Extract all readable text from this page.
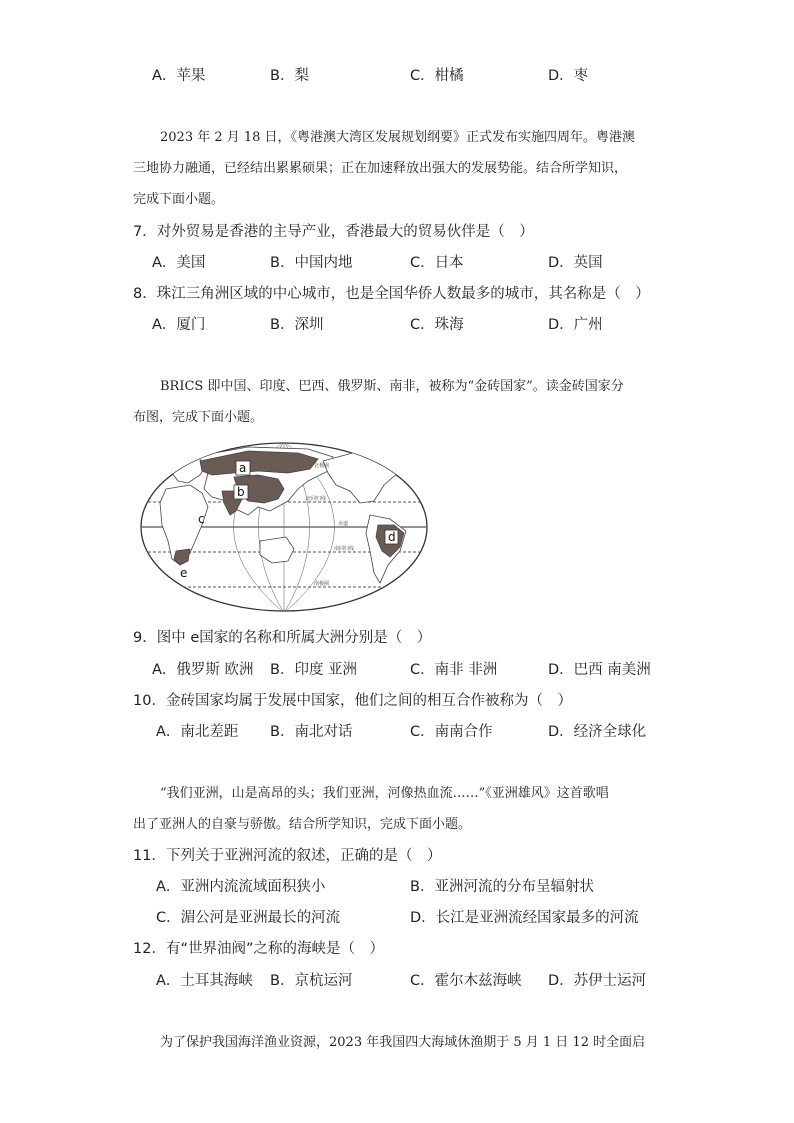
A．苹果	B．梨	C．柑橘	D．枣
2023 年 2 月 18 日，《粤港澳大湾区发展规划纲要》正式发布实施四周年。粤港澳
三地协力融通，已经结出累累硕果；正在加速释放出强大的发展势能。结合所学知识，
完成下面小题。
7．对外贸易是香港的主导产业，香港最大的贸易伙伴是（　）
A．美国	B．中国内地	C．日本	D．英国
8．珠江三角洲区域的中心城市，也是全国华侨人数最多的城市，其名称是（　）
A．厦门	B．深圳	C．珠海	D．广州
BRICS 即中国、印度、巴西、俄罗斯、南非，被称为“金砖国家”。读金砖国家分
布图，完成下面小题。
a
b
c
d
e
北极圈
北回归线
赤道
南回归线
南极圈
9．图中 e国家的名称和所属大洲分别是（　）
A．俄罗斯 欧洲 B．印度 亚洲	C．南非 非洲	D．巴西 南美洲
10．金砖国家均属于发展中国家，他们之间的相互合作被称为（　）
A．南北差距 B．南北对话	C．南南合作	D．经济全球化
“我们亚洲，山是高昂的头；我们亚洲，河像热血流……”《亚洲雄风》这首歌唱
出了亚洲人的自豪与骄傲。结合所学知识，完成下面小题。
11．下列关于亚洲河流的叙述，正确的是（　）
A．亚洲内流流域面积狭小	B．亚洲河流的分布呈辐射状
C．湄公河是亚洲最长的河流	D．长江是亚洲流经国家最多的河流
12．有“世界油阀”之称的海峡是（　）
A．土耳其海峡 B．京杭运河	C．霍尔木兹海峡 D．苏伊士运河
为了保护我国海洋渔业资源，2023 年我国四大海域休渔期于 5 月 1 日 12 时全面启
